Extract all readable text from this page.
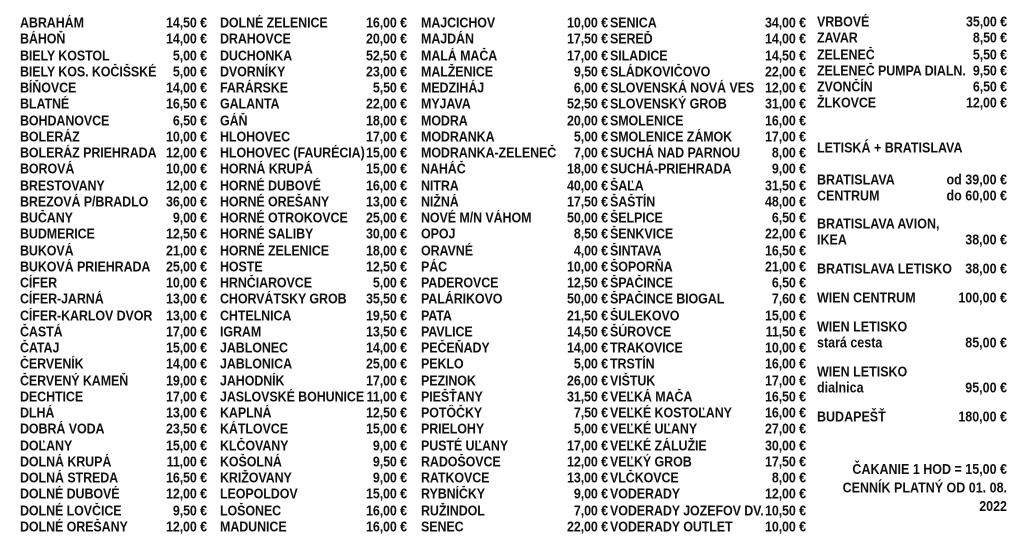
ABRAHÁM	14,50 €
BÁHOŇ	14,00 €
BIELY KOSTOL	5,00 €
BIELY KOS. KOČIŠSKÉ 5,00 €
BÍŇOVCE	14,00 €
BLATNÉ	16,50 €
BOHDANOVCE	6,50 €
BOLERÁZ	10,00 €
BOLERÁZ PRIEHRADA 12,00 €
BOROVÁ	10,00 €
BRESTOVANY	12,00 €
BREZOVÁ P/BRADLO 36,00 €
BUČANY	9,00 €
BUDMERICE	12,50 €
BUKOVÁ	21,00 €
BUKOVÁ PRIEHRADA 25,00 €
CÍFER	10,00 €
CÍFER-JARNÁ	13,00 €
CÍFER-KARLOV DVOR 13,00 €
ČASTÁ	17,00 €
ČATAJ	15,00 €
ČERVENÍK	14,00 €
ČERVENÝ KAMEŇ	19,00 €
DECHTICE	17,00 €
DLHÁ	13,00 €
DOBRÁ VODA	23,50 €
DOĽANY	15,00 €
DOLNÁ KRUPÁ	11,00 €
DOLNÁ STREDA	16,50 €
DOLNÉ DUBOVÉ	12,00 €
DOLNÉ LOVČICE	9,50 €
DOLNÉ OREŠANY	12,00 €
DOLNÉ ZELENICE	16,00 €
DRAHOVCE	20,00 €
DUCHONKA	52,50 €
DVORNÍKY	23,00 €
FARÁRSKE	5,50 €
GALANTA	22,00 €
GÁŇ	18,00 €
HLOHOVEC	17,00 €
HLOHOVEC (FAURÉCIA) 15,00 €
HORNÁ KRUPÁ	15,00 €
HORNÉ DUBOVÉ	16,00 €
HORNÉ OREŠANY	13,00 €
HORNÉ OTROKOVCE 25,00 €
HORNÉ SALIBY	30,00 €
HORNÉ ZELENICE	18,00 €
HOSTE	12,50 €
HRNČIAROVCE	5,00 €
CHORVÁTSKY GROB 35,50 €
CHTELNICA	19,50 €
IGRAM	13,50 €
JABLONEC	14,00 €
JABLONICA	25,00 €
JAHODNÍK	17,00 €
JASLOVSKÉ BOHUNICE 11,00 €
KAPLNÁ	12,50 €
KÁTLOVCE	15,00 €
KLČOVANY	9,00 €
KOŠOLNÁ	9,50 €
KRIŽOVANY	9,00 €
LEOPOLDOV	15,00 €
LOŠONEC	16,00 €
MADUNICE	16,00 €
MAJCICHOV	10,00 €
MAJDÁN	17,50 €
MALÁ MAČA	17,00 €
MALŽENICE	9,50 €
MEDZIHÁJ	6,00 €
MYJAVA	52,50 €
MODRA	20,00 €
MODRANKA	5,00 €
MODRANKA-ZELENEČ 7,00 €
NAHÁČ	18,00 €
NITRA	40,00 €
NIŽNÁ	17,50 €
NOVÉ M/N VÁHOM	50,00 €
OPOJ	8,50 €
ORAVNÉ	4,00 €
PÁC	10,00 €
PADEROVCE	12,50 €
PALÁRIKOVO	50,00 €
PATA	21,50 €
PAVLICE	14,50 €
PEČEŇADY	14,00 €
PEKLO	5,00 €
PEZINOK	26,00 €
PIEŠŤANY	31,50 €
POTÔČKY	7,50 €
PRIELOHY	5,00 €
PUSTÉ UĽANY	17,00 €
RADOŠOVCE	12,00 €
RATKOVCE	13,00 €
RYBNÍČKY	9,00 €
RUŽINDOL	7,00 €
SENEC	22,00 €
SENICA	34,00 €
SEREĎ	14,00 €
SILADICE	14,50 €
SLÁDKOVIČOVO	22,00 €
SLOVENSKÁ NOVÁ VES 12,00 €
SLOVENSKÝ GROB	31,00 €
SMOLENICE	16,00 €
SMOLENICE ZÁMOK	17,00 €
SUCHÁ NAD PARNOU	8,00 €
SUCHÁ-PRIEHRADA	9,00 €
ŠAĽA	31,50 €
ŠAŠTÍN	48,00 €
ŠELPICE	6,50 €
ŠENKVICE	22,00 €
ŠINTAVA	16,50 €
ŠOPORŇA	21,00 €
ŠPAČINCE	6,50 €
ŠPAČINCE BIOGAL	7,60 €
ŠULEKOVO	15,00 €
ŠÚROVCE	11,50 €
TRAKOVICE	10,00 €
TRSTÍN	16,00 €
VIŠTUK	17,00 €
VEĽKÁ MAČA	16,50 €
VEĽKÉ KOSTOĽANY	16,00 €
VEĽKÉ UĽANY	27,00 €
VEĽKÉ ZÁLUŽIE	30,00 €
VEĽKÝ GROB	17,50 €
VLČKOVCE	8,00 €
VODERADY	12,00 €
VODERADY JOZEFOV DV. 10,50 €
VODERADY OUTLET	10,00 €
VRBOVÉ	35,00 €
ZAVAR	8,50 €
ZELENEČ	5,50 €
ZELENEČ PUMPA DIALN. 9,50 €
ZVONČÍN	6,50 €
ŽLKOVCE	12,00 €
LETISKÁ + BRATISLAVA
BRATISLAVA	od 39,00 €
CENTRUM	do 60,00 €
BRATISLAVA AVION,
IKEA	38,00 €
BRATISLAVA LETISKO 38,00 €
WIEN CENTRUM	100,00 €
WIEN LETISKO
stará cesta	85,00 €
WIEN LETISKO
dialnica	95,00 €
BUDAPEŠŤ	180,00 €
ČAKANIE 1 HOD = 15,00 €
CENNÍK PLATNÝ OD 01. 08. 2022
